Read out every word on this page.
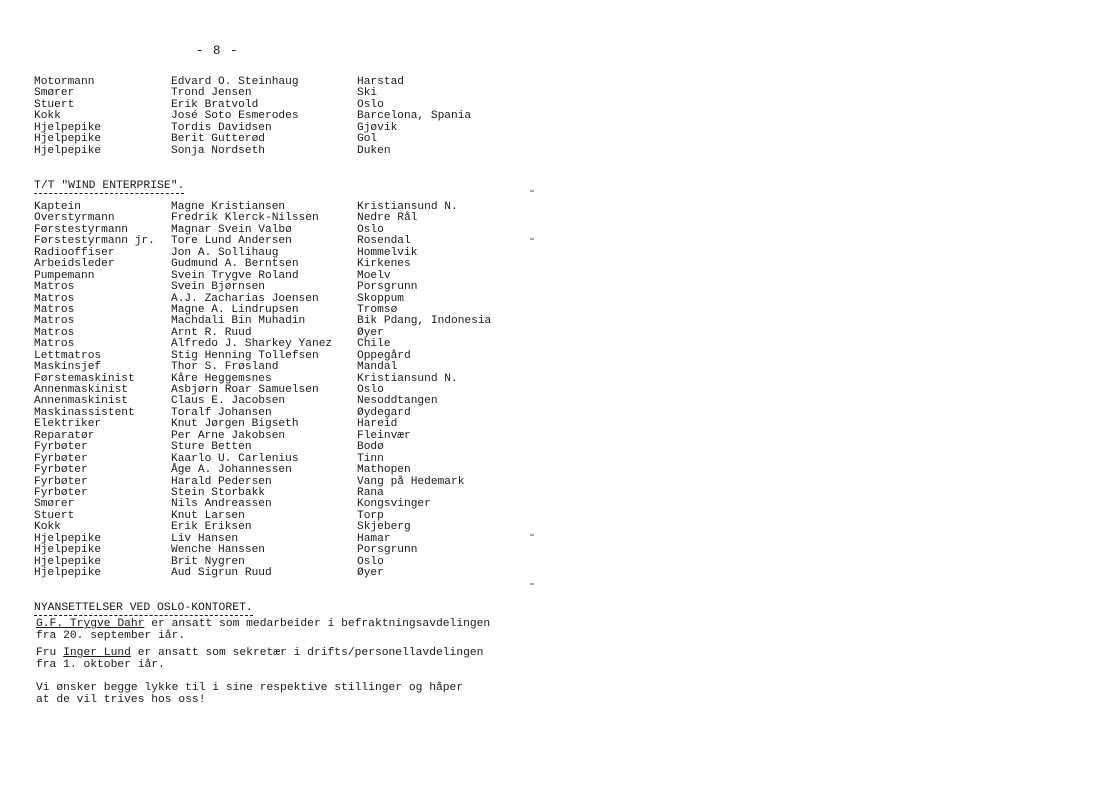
- 8 -
Motormann	Edvard O. Steinhaug	Harstad
Smører	Trond Jensen	Ski
Stuert	Erik Bratvold	Oslo
Kokk	José Soto Esmerodes	Barcelona, Spania
Hjelpepike	Tordis Davidsen	Gjøvik
Hjelpepike	Berit Gutterød	Gol
Hjelpepike	Sonja Nordseth	Duken
T/T "WIND ENTERPRISE".
Kaptein	Magne Kristiansen	Kristiansund N.
Overstyrmann	Fredrik Klerck-Nilssen	Nedre Rål
Førstestyrmann	Magnar Svein Valbø	Oslo
Førstestyrmann jr.	Tore Lund Andersen	Rosendal
Radiooffiser	Jon A. Sollihaug	Hommelvik
Arbeidsleder	Gudmund A. Berntsen	Kirkenes
Pumpemann	Svein Trygve Roland	Moelv
Matros	Svein Bjørnsen	Porsgrunn
Matros	A.J. Zacharias Joensen	Skoppum
Matros	Magne A. Lindrupsen	Tromsø
Matros	Machdali Bin Muhadin	Bik Pdang, Indonesia
Matros	Arnt R. Ruud	Øyer
Matros	Alfredo J. Sharkey Yanez	Chile
Lettmatros	Stig Henning Tollefsen	Oppegård
Maskinsjef	Thor S. Frøsland	Mandal
Førstemaskinist	Kåre Heggemsnes	Kristiansund N.
Annenmaskinist	Asbjørn Roar Samuelsen	Oslo
Annenmaskinist	Claus E. Jacobsen	Nesoddtangen
Maskinassistent	Toralf Johansen	Øydegard
Elektriker	Knut Jørgen Bigseth	Hareid
Reparatør	Per Arne Jakobsen	Fleinvær
Fyrbøter	Sture Betten	Bodø
Fyrbøter	Kaarlo U. Carlenius	Tinn
Fyrbøter	Åge A. Johannessen	Mathopen
Fyrbøter	Harald Pedersen	Vang på Hedemark
Fyrbøter	Stein Storbakk	Rana
Smører	Nils Andreassen	Kongsvinger
Stuert	Knut Larsen	Torp
Kokk	Erik Eriksen	Skjeberg
Hjelpepike	Liv Hansen	Hamar
Hjelpepike	Wenche Hanssen	Porsgrunn
Hjelpepike	Brit Nygren	Oslo
Hjelpepike	Aud Sigrun Ruud	Øyer
NYANSETTELSER VED OSLO-KONTORET.
G.F. Trygve Dahr er ansatt som medarbeider i befraktningsavdelingen
fra 20. september iår.
Fru Inger Lund er ansatt som sekretær i drifts/personellavdelingen
fra 1. oktober iår.
Vi ønsker begge lykke til i sine respektive stillinger og håper
at de vil trives hos oss!
